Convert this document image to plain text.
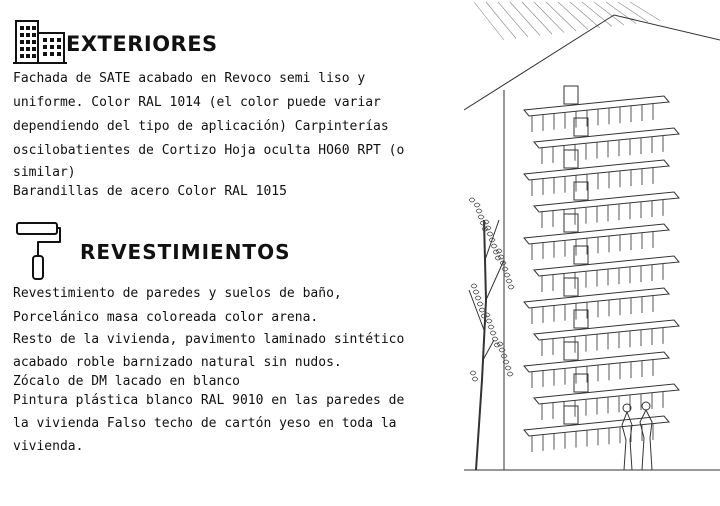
EXTERIORES
Fachada de SATE acabado en Revoco semi liso y
uniforme. Color RAL 1014 (el color puede variar
dependiendo del tipo de aplicación) Carpinterías
oscilobatientes de Cortizo Hoja oculta HO60 RPT (o
similar)
Barandillas de acero Color RAL 1015
REVESTIMIENTOS
Revestimiento de paredes y suelos de baño,
Porcelánico masa coloreada color arena.
Resto de la vivienda, pavimento laminado sintético
acabado roble barnizado natural sin nudos.
Zócalo de DM lacado en blanco
Pintura plástica blanco RAL 9010 en las paredes de
la vivienda Falso techo de cartón yeso en toda la
vivienda.
